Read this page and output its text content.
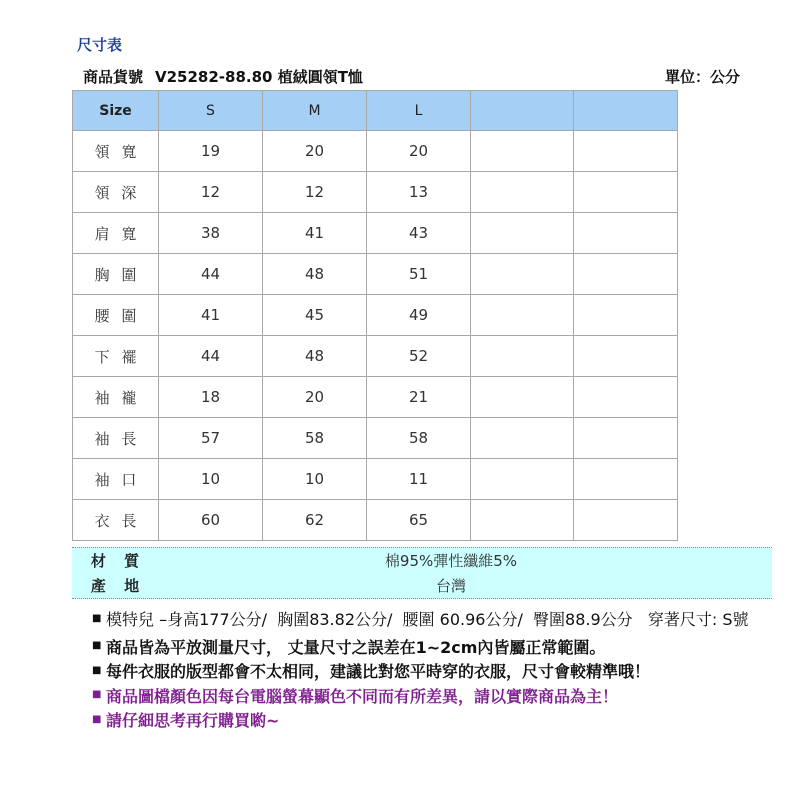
尺寸表
商品貨號 V25282-88.80 植絨圓領T恤	單位：公分
Size	S	M	L		
領 寬	19	20	20		
領 深	12	12	13		
肩 寬	38	41	43		
胸 圍	44	48	51		
腰 圍	41	45	49		
下 襬	44	48	52		
袖 襱	18	20	21		
袖 長	57	58	58		
袖 口	10	10	11		
衣 長	60	62	65		
材 質	棉95%彈性纖維5%
產 地	台灣
■ 模特兒 –身高177公分/  胸圍83.82公分/  腰圍 60.96公分/  臀圍88.9公分   穿著尺寸: S號
■ 商品皆為平放測量尺寸， 丈量尺寸之誤差在1~2cm內皆屬正常範圍。
■ 每件衣服的版型都會不太相同，建議比對您平時穿的衣服，尺寸會較精準哦！
■ 商品圖檔顏色因每台電腦螢幕顯色不同而有所差異，請以實際商品為主！
■ 請仔細思考再行購買喲~
